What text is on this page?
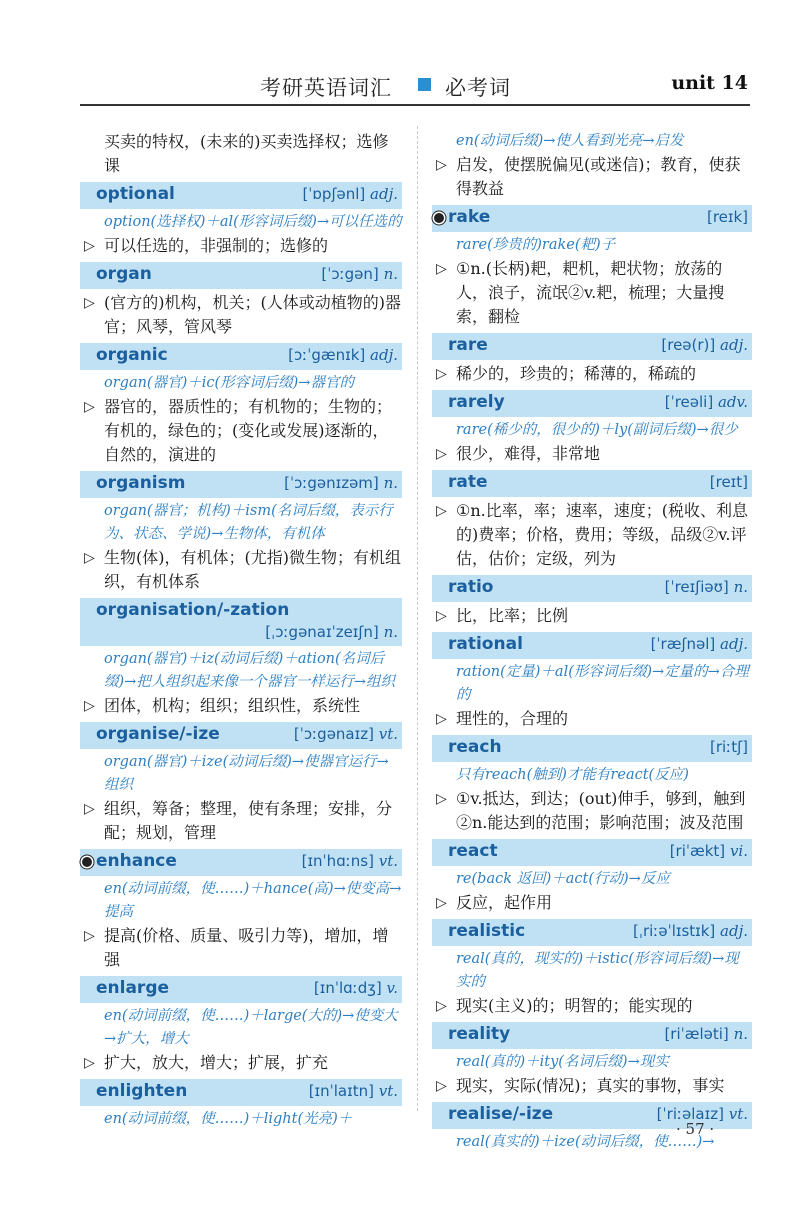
考研英语词汇	必考词	unit 14
买卖的特权，(未来的)买卖选择权；选修课
optional	[ˈɒpʃənl] adj.
option(选择权)＋al(形容词后缀)→可以任选的
▷ 可以任选的，非强制的；选修的
organ	[ˈɔːgən] n.
▷ (官方的)机构，机关；(人体或动植物的)器官；风琴，管风琴
organic	[ɔːˈgænɪk] adj.
organ(器官)＋ic(形容词后缀)→器官的
▷ 器官的，器质性的；有机物的；生物的；有机的，绿色的；(变化或发展)逐渐的，自然的，演进的
organism	[ˈɔːgənɪzəm] n.
organ(器官；机构)＋ism(名词后缀，表示行为、状态、学说)→生物体，有机体
▷ 生物(体)，有机体；(尤指)微生物；有机组织，有机体系
organisation/-zation
[ˌɔːgənaɪˈzeɪʃn] n.
organ(器官)＋iz(动词后缀)＋ation(名词后缀)→把人组织起来像一个器官一样运行→组织
▷ 团体，机构；组织；组织性，系统性
organise/-ize	[ˈɔːgənaɪz] vt.
organ(器官)＋ize(动词后缀)→使器官运行→组织
▷ 组织，筹备；整理，使有条理；安排，分配；规划，管理
enhance	[ɪnˈhɑːns] vt.
en(动词前缀，使……)＋hance(高)→使变高→提高
▷ 提高(价格、质量、吸引力等)，增加，增强
enlarge	[ɪnˈlɑːdʒ] v.
en(动词前缀，使……)＋large(大的)→使变大→扩大，增大
▷ 扩大，放大，增大；扩展，扩充
enlighten	[ɪnˈlaɪtn] vt.
en(动词前缀，使……)＋light(光亮)＋
en(动词后缀)→使人看到光亮→启发
▷ 启发，使摆脱偏见(或迷信)；教育，使获得教益
rake	[reɪk]
rare(珍贵的)rake(耙)子
▷ ①n.(长柄)耙，耙机，耙状物；放荡的人，浪子，流氓②v.耙，梳理；大量搜索，翻检
rare	[reə(r)] adj.
▷ 稀少的，珍贵的；稀薄的，稀疏的
rarely	[ˈreəli] adv.
rare(稀少的，很少的)＋ly(副词后缀)→很少
▷ 很少，难得，非常地
rate	[reɪt]
▷ ①n.比率，率；速率，速度；(税收、利息的)费率；价格，费用；等级，品级②v.评估，估价；定级，列为
ratio	[ˈreɪʃiəʊ] n.
▷ 比，比率；比例
rational	[ˈræʃnəl] adj.
ration(定量)＋al(形容词后缀)→定量的→合理的
▷ 理性的，合理的
reach	[riːtʃ]
只有reach(触到)才能有react(反应)
▷ ①v.抵达，到达；(out)伸手，够到，触到②n.能达到的范围；影响范围；波及范围
react	[riˈækt] vi.
re(back 返回)＋act(行动)→反应
▷ 反应，起作用
realistic	[ˌriːəˈlɪstɪk] adj.
real(真的，现实的)＋istic(形容词后缀)→现实的
▷ 现实(主义)的；明智的；能实现的
reality	[riˈæləti] n.
real(真的)＋ity(名词后缀)→现实
▷ 现实，实际(情况)；真实的事物，事实
realise/-ize	[ˈriːəlaɪz] vt.
real(真实的)＋ize(动词后缀，使……)→
· 57 ·
